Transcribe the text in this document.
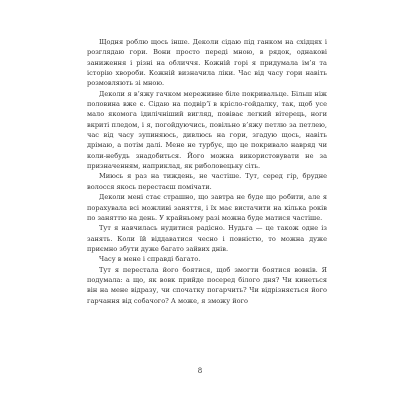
Щодня роблю щось інше. Деколи сідаю під ганком на східцях і розглядаю гори. Вони просто переді мною, в рядок, однакові заниження і різні на обличчя. Кожній горі я придумала ім’я та історію хвороби. Кожній визначила ліки. Час від часу гори навіть розмовляють зі мною.

Деколи я в’яжу гачком мереживне біле покривальце. Більш ніж половина вже є. Сідаю на подвір’ї в кріслo-гойдалку, так, щоб усе мало якомога ідилічніший вигляд, повівaє легкий вітерець, ноги вкриті пледом, і я, погойдуючись, повільно в’яжу петлю за петлею, час від часу зупиняюсь, дивлюсь на гори, згадую щось, навіть дрімаю, а потім далі. Мене не турбує, що це покривало навряд чи коли-небудь знадобиться. Його можна використовувати не за призначенням, наприклад, як риболовецьку сіть.

Миюсь я раз на тиждень, не частіше. Тут, серед гір, брудне волосся якось перестаєш помічати.

Деколи мені стає страшно, що завтра не буде що робити, але я порахувала всі можливі заняття, і їх має вистачити на кілька років по заняттю на день. У крайньому разі можна буде матися частіше.

Тут я навчилась нудитися радісно. Нудьга — це також одне із занять. Коли їй віддаватися чесно і повністю, то можна дуже приємно збути дуже багато зайвих днів.

Часу в мене і справді багато.

Тут я перестала його боятися, щоб змогти боятися вовків. Я подумала: а що, як вовк прийде посеред білого дня? Чи кинеться він на мене відразу, чи спочатку погарчить? Чи відрізняється його гарчання від собачого? А може, я зможу його

8
